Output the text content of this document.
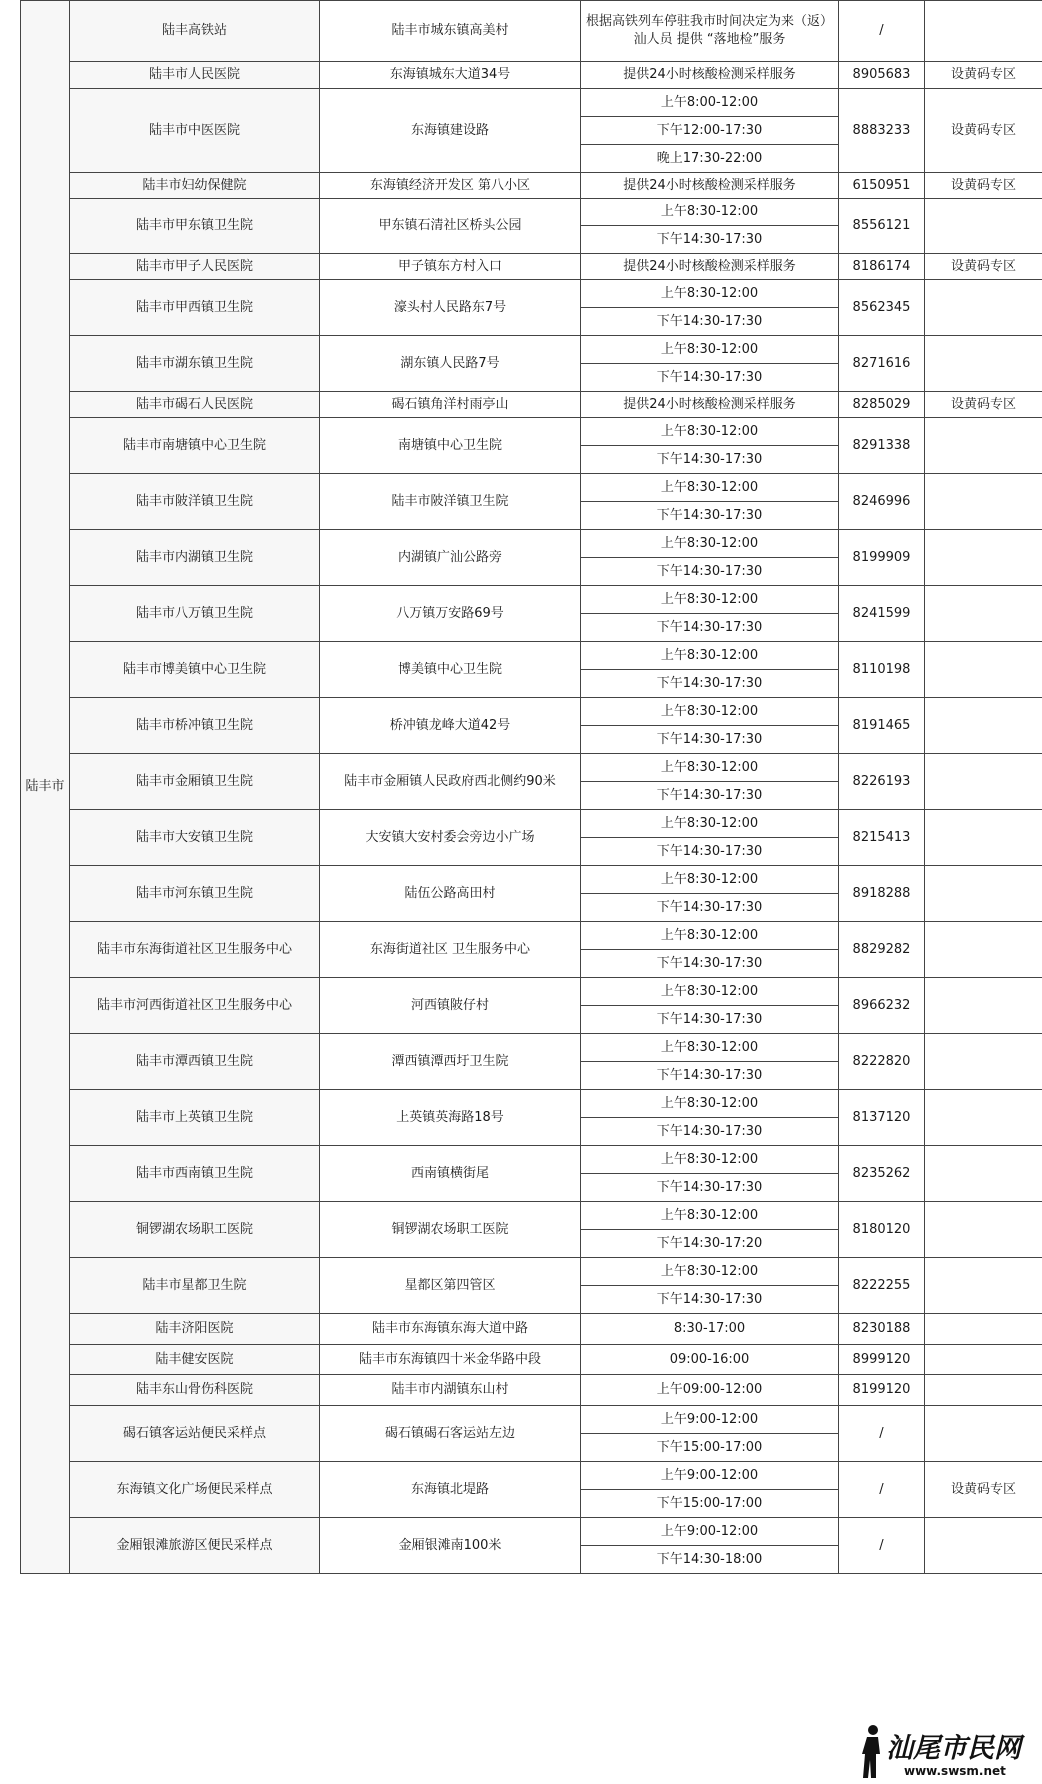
陆丰市	陆丰高铁站	陆丰市城东镇高美村	根据高铁列车停驻我市时间决定为来（返）汕人员 提供 “落地检”服务	/	
	陆丰市人民医院	东海镇城东大道34号	提供24小时核酸检测采样服务	8905683	设黄码专区
	陆丰市中医医院	东海镇建设路	上午8:00-12:00	8883233	设黄码专区
			下午12:00-17:30		
			晚上17:30-22:00		
	陆丰市妇幼保健院	东海镇经济开发区 第八小区	提供24小时核酸检测采样服务	6150951	设黄码专区
	陆丰市甲东镇卫生院	甲东镇石清社区桥头公园	上午8:30-12:00	8556121	
			下午14:30-17:30		
	陆丰市甲子人民医院	甲子镇东方村入口	提供24小时核酸检测采样服务	8186174	设黄码专区
	陆丰市甲西镇卫生院	濠头村人民路东7号	上午8:30-12:00	8562345	
			下午14:30-17:30		
	陆丰市湖东镇卫生院	湖东镇人民路7号	上午8:30-12:00	8271616	
			下午14:30-17:30		
	陆丰市碣石人民医院	碣石镇角洋村雨亭山	提供24小时核酸检测采样服务	8285029	设黄码专区
	陆丰市南塘镇中心卫生院	南塘镇中心卫生院	上午8:30-12:00	8291338	
			下午14:30-17:30		
	陆丰市陂洋镇卫生院	陆丰市陂洋镇卫生院	上午8:30-12:00	8246996	
			下午14:30-17:30		
	陆丰市内湖镇卫生院	内湖镇广汕公路旁	上午8:30-12:00	8199909	
			下午14:30-17:30		
	陆丰市八万镇卫生院	八万镇万安路69号	上午8:30-12:00	8241599	
			下午14:30-17:30		
	陆丰市博美镇中心卫生院	博美镇中心卫生院	上午8:30-12:00	8110198	
			下午14:30-17:30		
	陆丰市桥冲镇卫生院	桥冲镇龙峰大道42号	上午8:30-12:00	8191465	
			下午14:30-17:30		
	陆丰市金厢镇卫生院	陆丰市金厢镇人民政府西北侧约90米	上午8:30-12:00	8226193	
			下午14:30-17:30		
	陆丰市大安镇卫生院	大安镇大安村委会旁边小广场	上午8:30-12:00	8215413	
			下午14:30-17:30		
	陆丰市河东镇卫生院	陆伍公路高田村	上午8:30-12:00	8918288	
			下午14:30-17:30		
	陆丰市东海街道社区卫生服务中心	东海街道社区 卫生服务中心	上午8:30-12:00	8829282	
			下午14:30-17:30		
	陆丰市河西街道社区卫生服务中心	河西镇陂仔村	上午8:30-12:00	8966232	
			下午14:30-17:30		
	陆丰市潭西镇卫生院	潭西镇潭西圩卫生院	上午8:30-12:00	8222820	
			下午14:30-17:30		
	陆丰市上英镇卫生院	上英镇英海路18号	上午8:30-12:00	8137120	
			下午14:30-17:30		
	陆丰市西南镇卫生院	西南镇横街尾	上午8:30-12:00	8235262	
			下午14:30-17:30		
	铜锣湖农场职工医院	铜锣湖农场职工医院	上午8:30-12:00	8180120	
			下午14:30-17:20		
	陆丰市星都卫生院	星都区第四管区	上午8:30-12:00	8222255	
			下午14:30-17:30		
	陆丰济阳医院	陆丰市东海镇东海大道中路	8:30-17:00	8230188	
	陆丰健安医院	陆丰市东海镇四十米金华路中段	09:00-16:00	8999120	
	陆丰东山骨伤科医院	陆丰市内湖镇东山村	上午09:00-12:00	8199120	
	碣石镇客运站便民采样点	碣石镇碣石客运站左边	上午9:00-12:00	/	
			下午15:00-17:00		
	东海镇文化广场便民采样点	东海镇北堤路	上午9:00-12:00	/	设黄码专区
			下午15:00-17:00		
	金厢银滩旅游区便民采样点	金厢银滩南100米	上午9:00-12:00	/	
			下午14:30-18:00		
汕尾市民网
www.swsm.net
